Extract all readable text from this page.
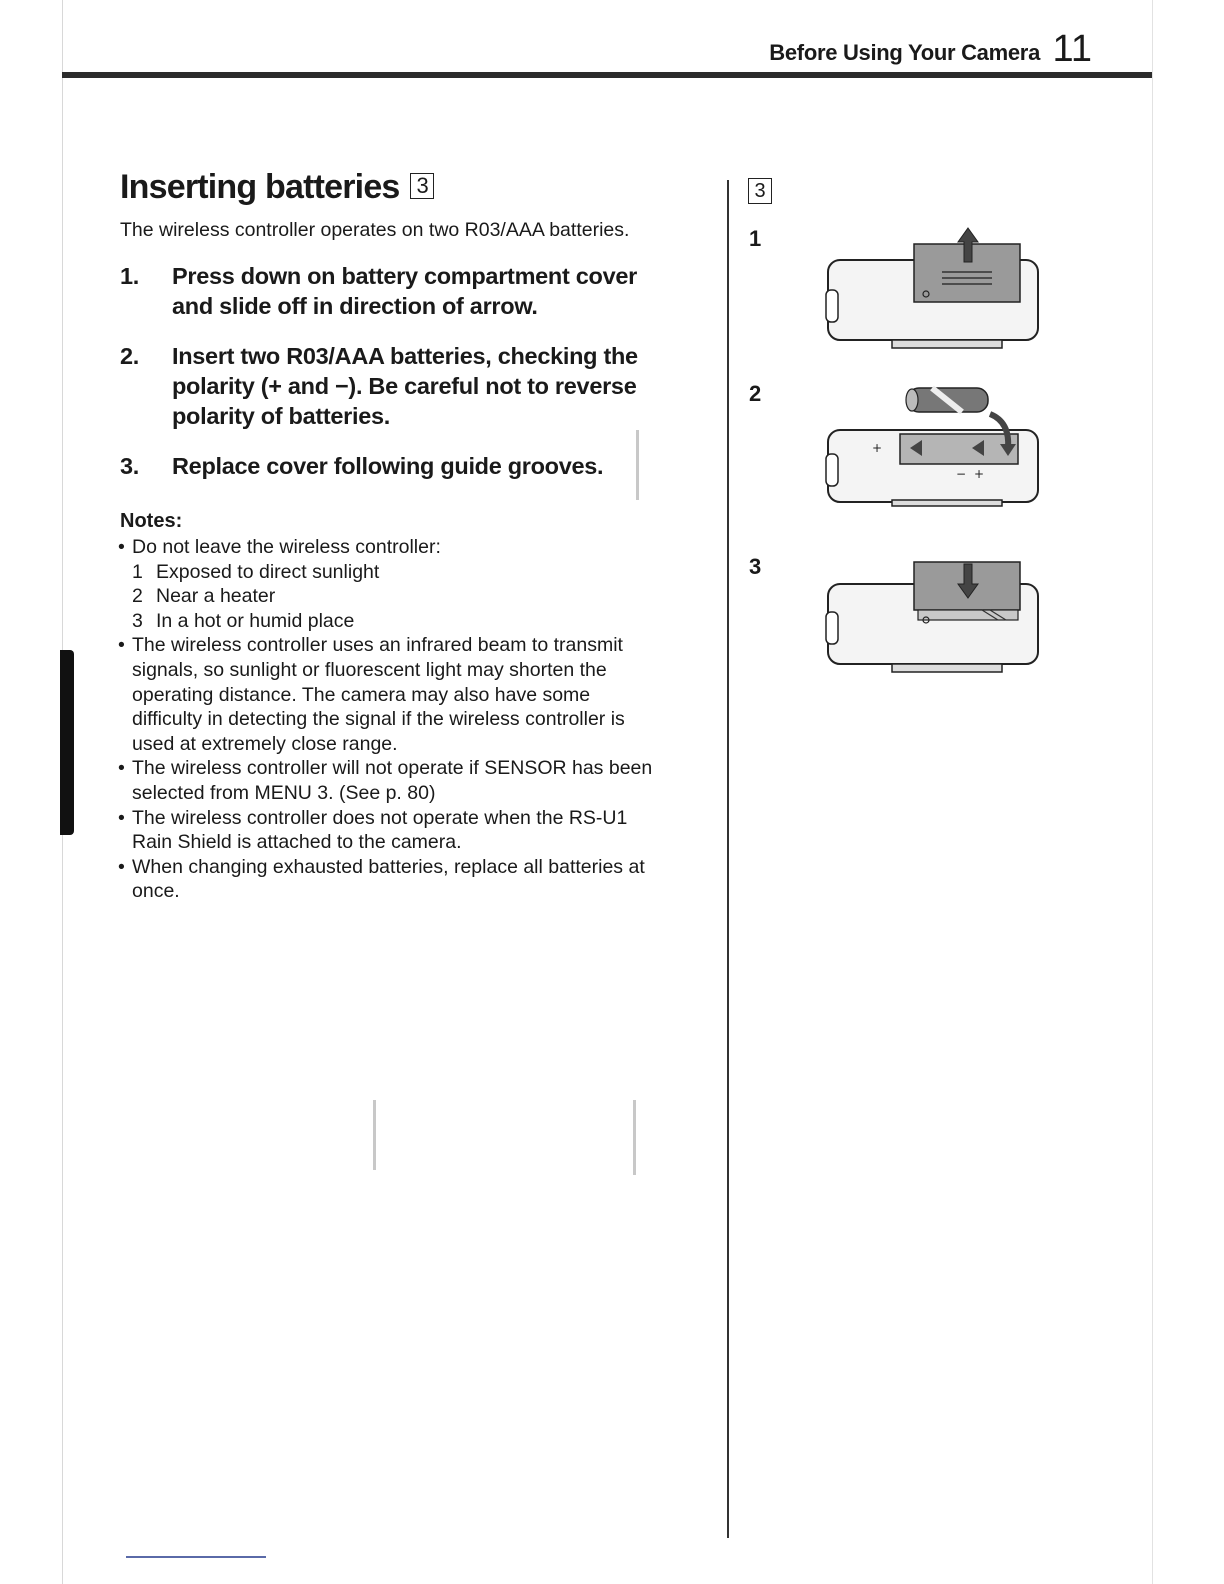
Before Using Your Camera 11
Inserting batteries 3

The wireless controller operates on two R03/AAA batteries.

1. Press down on battery compartment cover
and slide off in direction of arrow.
2. Insert two R03/AAA batteries, checking the
polarity (+ and −). Be careful not to reverse
polarity of batteries.
3. Replace cover following guide grooves.
Notes:
• Do not leave the wireless controller:
1 Exposed to direct sunlight
2 Near a heater
3 In a hot or humid place
• The wireless controller uses an infrared beam to transmit
signals, so sunlight or fluorescent light may shorten the
operating distance. The camera may also have some
difficulty in detecting the signal if the wireless controller is
used at extremely close range.
• The wireless controller will not operate if SENSOR has been
selected from MENU 3. (See p. 80)
• The wireless controller does not operate when the RS-U1
Rain Shield is attached to the camera.
• When changing exhausted batteries, replace all batteries at
once.
3
1
2
3
+
− +
